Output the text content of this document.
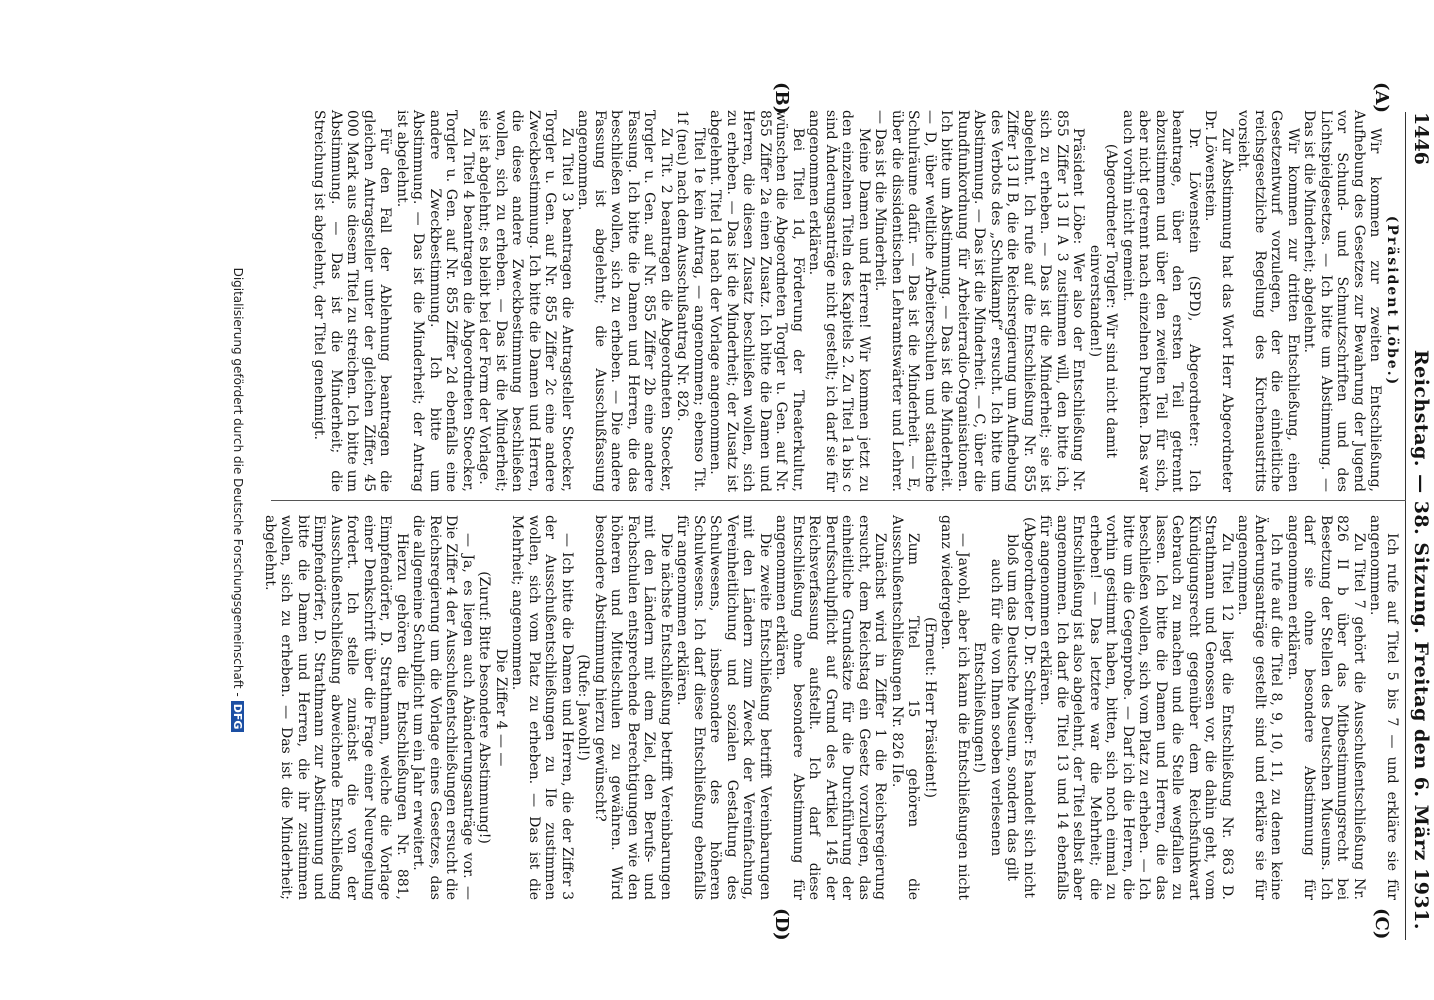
1446
Reichstag. — 38. Sitzung. Freitag den 6. März 1931.
(A)
(B)
(C)
(D)

(Präsident Löbe.)

Wir kommen zur zweiten Entschließung, Aufhebung des Gesetzes zur Bewahrung der Jugend vor Schund- und Schmutzschriften und des Lichtspielgesetzes. — Ich bitte um Abstimmung. — Das ist die Minderheit; abgelehnt.

Wir kommen zur dritten Entschließung, einen Gesetzentwurf vorzulegen, der die einheitliche reichsgesetzliche Regelung des Kirchenaustritts vorsieht.

Zur Abstimmung hat das Wort Herr Abgeordneter Dr. Löwenstein.

Dr. Löwenstein (SPD), Abgeordneter: Ich beantrage, über den ersten Teil getrennt abzustimmen und über den zweiten Teil für sich, aber nicht getrennt nach einzelnen Punkten. Das war auch vorhin nicht gemeint.

(Abgeordneter Torgler: Wir sind nicht damit einverstanden!)

Präsident Löbe: Wer also der Entschließung Nr. 855 Ziffer 13 II A 3 zustimmen will, den bitte ich, sich zu erheben. — Das ist die Minderheit; sie ist abgelehnt. Ich rufe auf die Entschließung Nr. 855 Ziffer 13 II B, die die Reichsregierung um Aufhebung des Verbots des „Schulkampf“ ersucht. Ich bitte um Abstimmung. — Das ist die Minderheit. — C, über die Rundfunkordnung für Arbeiterradio-Organisationen. Ich bitte um Abstimmung. — Das ist die Minderheit. — D, über weltliche Arbeiterschulen und staatliche Schulräume dafür. — Das ist die Minderheit. — E, über die dissidentischen Lehramtswärter und Lehrer. — Das ist die Minderheit.

Meine Damen und Herren! Wir kommen jetzt zu den einzelnen Titeln des Kapitels 2. Zu Titel 1a bis c sind Änderungsanträge nicht gestellt; ich darf sie für angenommen erklären.

Bei Titel 1d, Förderung der Theaterkultur, wünschen die Abgeordneten Torgler u. Gen. auf Nr. 855 Ziffer 2a einen Zusatz. Ich bitte die Damen und Herren, die diesen Zusatz beschließen wollen, sich zu erheben. — Das ist die Minderheit; der Zusatz ist abgelehnt. Titel 1d nach der Vorlage angenommen.

Titel 1e kein Antrag, — angenommen; ebenso Tit. 1f (neu) nach dem Ausschußantrag Nr. 826.

Zu Tit. 2 beantragen die Abgeordneten Stoecker, Torgler u. Gen. auf Nr. 855 Ziffer 2b eine andere Fassung. Ich bitte die Damen und Herren, die das beschließen wollen, sich zu erheben. — Die andere Fassung ist abgelehnt; die Ausschußfassung angenommen.

Zu Titel 3 beantragen die Antragsteller Stoecker, Torgler u. Gen. auf Nr. 855 Ziffer 2c eine andere Zweckbestimmung. Ich bitte die Damen und Herren, die diese andere Zweckbestimmung beschließen wollen, sich zu erheben. — Das ist die Minderheit; sie ist abgelehnt; es bleibt bei der Form der Vorlage.

Zu Titel 4 beantragen die Abgeordneten Stoecker, Torgler u. Gen. auf Nr. 855 Ziffer 2d ebenfalls eine andere Zweckbestimmung. Ich bitte um Abstimmung. — Das ist die Minderheit; der Antrag ist abgelehnt.

Für den Fall der Ablehnung beantragen die gleichen Antragsteller unter der gleichen Ziffer, 45 000 Mark aus diesem Titel zu streichen. Ich bitte um Abstimmung. — Das ist die Minderheit; die Streichung ist abgelehnt, der Titel genehmigt.

Ich rufe auf Titel 5 bis 7 — und erkläre sie für angenommen.

Zu Titel 7 gehört die Ausschußentschließung Nr. 826 II b über das Mitbestimmungsrecht bei Besetzung der Stellen des Deutschen Museums. Ich darf sie ohne besondere Abstimmung für angenommen erklären.

Ich rufe auf die Titel 8, 9, 10, 11, zu denen keine Änderungsanträge gestellt sind und erkläre sie für angenommen.

Zu Titel 12 liegt die Entschließung Nr. 863 D. Strathmann und Genossen vor, die dahin geht, vom Kündigungsrecht gegenüber dem Reichsfunkwart Gebrauch zu machen und die Stelle wegfallen zu lassen. Ich bitte die Damen und Herren, die das beschließen wollen, sich vom Platz zu erheben. — Ich bitte um die Gegenprobe. — Darf ich die Herren, die vorhin gestimmt haben, bitten, sich noch einmal zu erheben! — Das letztere war die Mehrheit; die Entschließung ist also abgelehnt, der Titel selbst aber angenommen. Ich darf die Titel 13 und 14 ebenfalls für angenommen erklären.

(Abgeordneter D. Dr. Schreiber: Es handelt sich nicht bloß um das Deutsche Museum, sondern das gilt auch für die von Ihnen soeben verlesenen Entschließungen!)

— Jawohl, aber ich kann die Entschließungen nicht ganz wiedergeben.

(Erneut: Herr Präsident!)

Zum Titel 15 gehören die Ausschußentschließungen Nr. 826 IIe.

Zunächst wird in Ziffer 1 die Reichsregierung ersucht, dem Reichstag ein Gesetz vorzulegen, das einheitliche Grundsätze für die Durchführung der Berufsschulpflicht auf Grund des Artikel 145 der Reichsverfassung aufstellt. Ich darf diese Entschließung ohne besondere Abstimmung für angenommen erklären.

Die zweite Entschließung betrifft Vereinbarungen mit den Ländern zum Zweck der Vereinfachung, Vereinheitlichung und sozialen Gestaltung des Schulwesens, insbesondere des höheren Schulwesens. Ich darf diese Entschließung ebenfalls für angenommen erklären.

Die nächste Entschließung betrifft Vereinbarungen mit den Ländern mit dem Ziel, den Berufs- und Fachschulen entsprechende Berechtigungen wie den höheren und Mittelschulen zu gewähren. Wird besondere Abstimmung hierzu gewünscht?

(Rufe: Jawohl!)

— Ich bitte die Damen und Herren, die der Ziffer 3 der Ausschußentschließungen zu IIe zustimmen wollen, sich vom Platz zu erheben. — Das ist die Mehrheit; angenommen.

Die Ziffer 4 — —

(Zuruf: Bitte besondere Abstimmung!)

— Ja, es liegen auch Abänderungsanträge vor. — Die Ziffer 4 der Ausschußentschließungen ersucht die Reichsregierung um die Vorlage eines Gesetzes, das die allgemeine Schulpflicht um ein Jahr erweitert.

Hierzu gehören die Entschließungen Nr. 881, Eimpfendörfer, D. Strathmann, welche die Vorlage einer Denkschrift über die Frage einer Neuregelung fordert. Ich stelle zunächst die von der Ausschußentschließung abweichende Entschließung Eimpfendörfer, D. Strathmann zur Abstimmung und bitte die Damen und Herren, die ihr zustimmen wollen, sich zu erheben. — Das ist die Minderheit; abgelehnt.

Digitalisierung gefördert durch die Deutsche Forschungsgemeinschaft -DFG
